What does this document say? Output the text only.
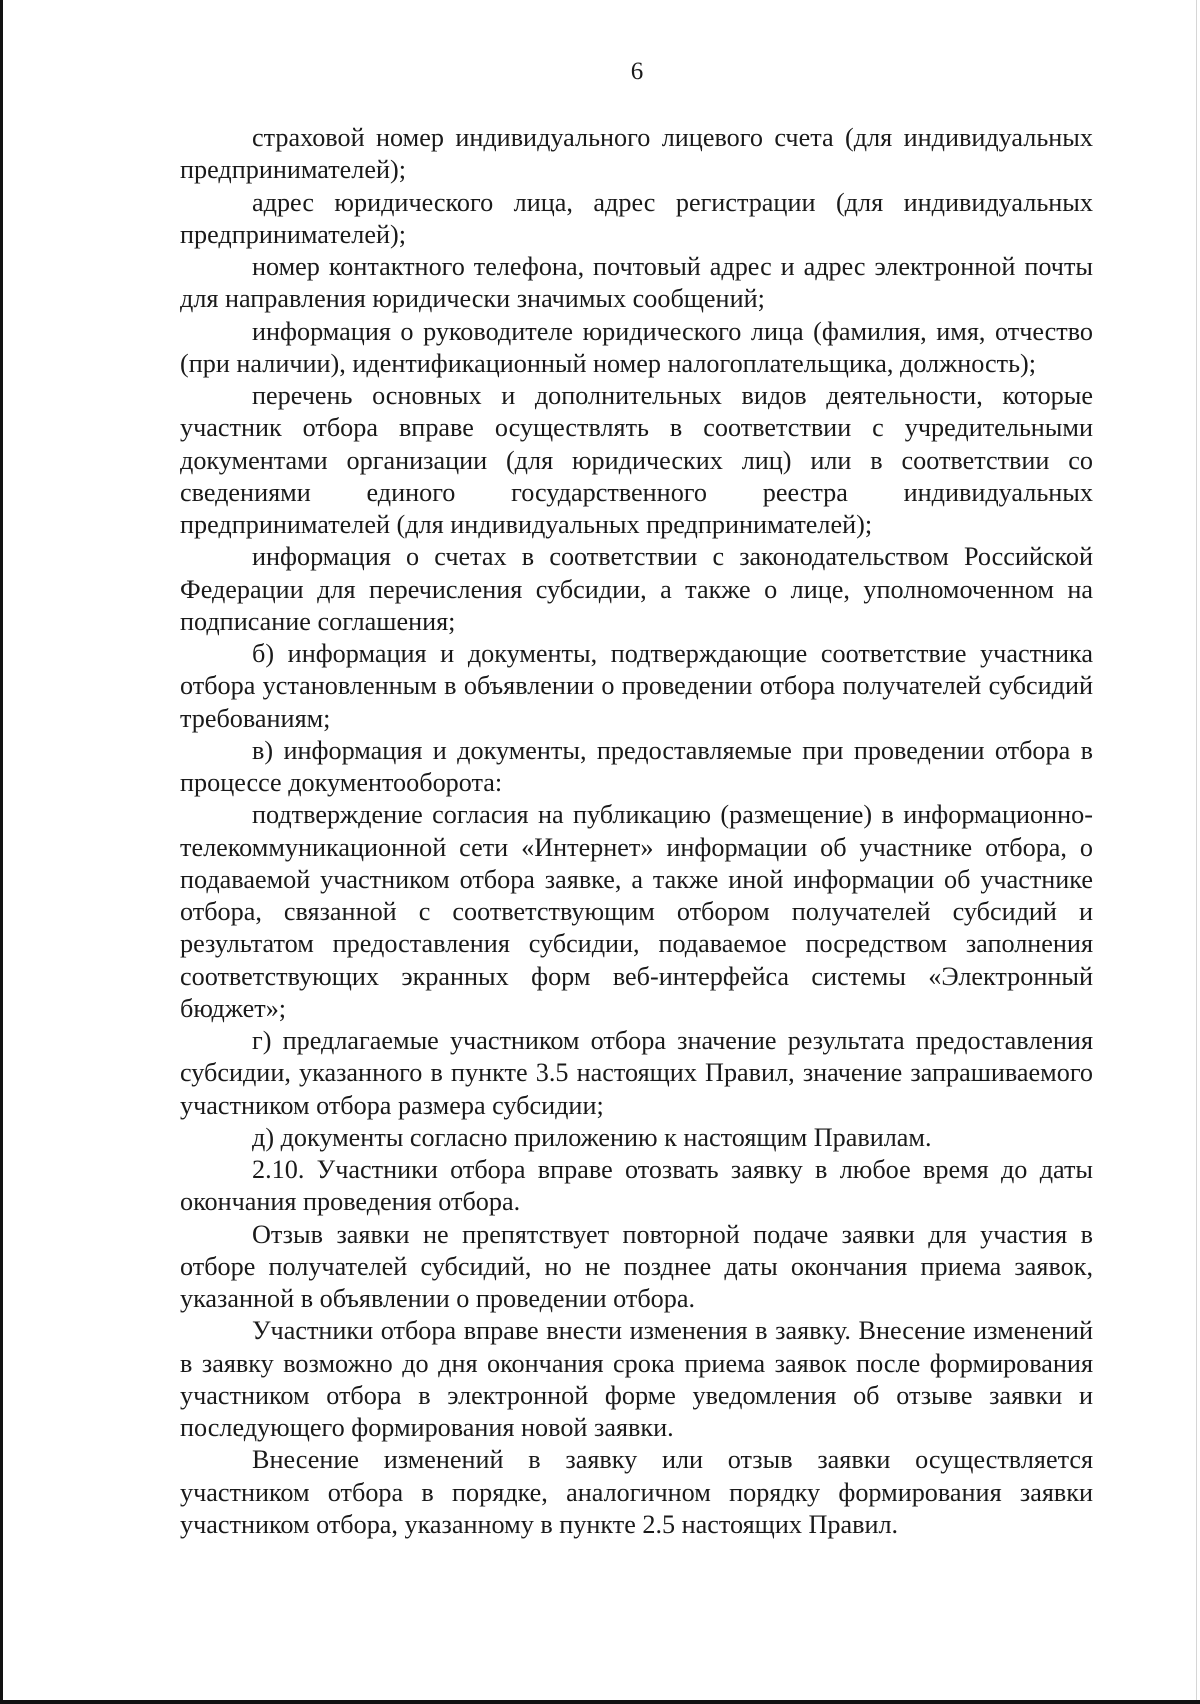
6

страховой номер индивидуального лицевого счета (для индивидуальных предпринимателей);

адрес юридического лица, адрес регистрации (для индивидуальных предпринимателей);

номер контактного телефона, почтовый адрес и адрес электронной почты для направления юридически значимых сообщений;

информация о руководителе юридического лица (фамилия, имя, отчество (при наличии), идентификационный номер налогоплательщика, должность);

перечень основных и дополнительных видов деятельности, которые участник отбора вправе осуществлять в соответствии с учредительными документами организации (для юридических лиц) или в соответствии со сведениями единого государственного реестра индивидуальных предпринимателей (для индивидуальных предпринимателей);

информация о счетах в соответствии с законодательством Российской Федерации для перечисления субсидии, а также о лице, уполномоченном на подписание соглашения;

б) информация и документы, подтверждающие соответствие участника отбора установленным в объявлении о проведении отбора получателей субсидий требованиям;

в) информация и документы, предоставляемые при проведении отбора в процессе документооборота:

подтверждение согласия на публикацию (размещение) в информационно-телекоммуникационной сети «Интернет» информации об участнике отбора, о подаваемой участником отбора заявке, а также иной информации об участнике отбора, связанной с соответствующим отбором получателей субсидий и результатом предоставления субсидии, подаваемое посредством заполнения соответствующих экранных форм веб-интерфейса системы «Электронный бюджет»;

г) предлагаемые участником отбора значение результата предоставления субсидии, указанного в пункте 3.5 настоящих Правил, значение запрашиваемого участником отбора размера субсидии;

д) документы согласно приложению к настоящим Правилам.

2.10. Участники отбора вправе отозвать заявку в любое время до даты окончания проведения отбора.

Отзыв заявки не препятствует повторной подаче заявки для участия в отборе получателей субсидий, но не позднее даты окончания приема заявок, указанной в объявлении о проведении отбора.

Участники отбора вправе внести изменения в заявку. Внесение изменений в заявку возможно до дня окончания срока приема заявок после формирования участником отбора в электронной форме уведомления об отзыве заявки и последующего формирования новой заявки.

Внесение изменений в заявку или отзыв заявки осуществляется участником отбора в порядке, аналогичном порядку формирования заявки участником отбора, указанному в пункте 2.5 настоящих Правил.
